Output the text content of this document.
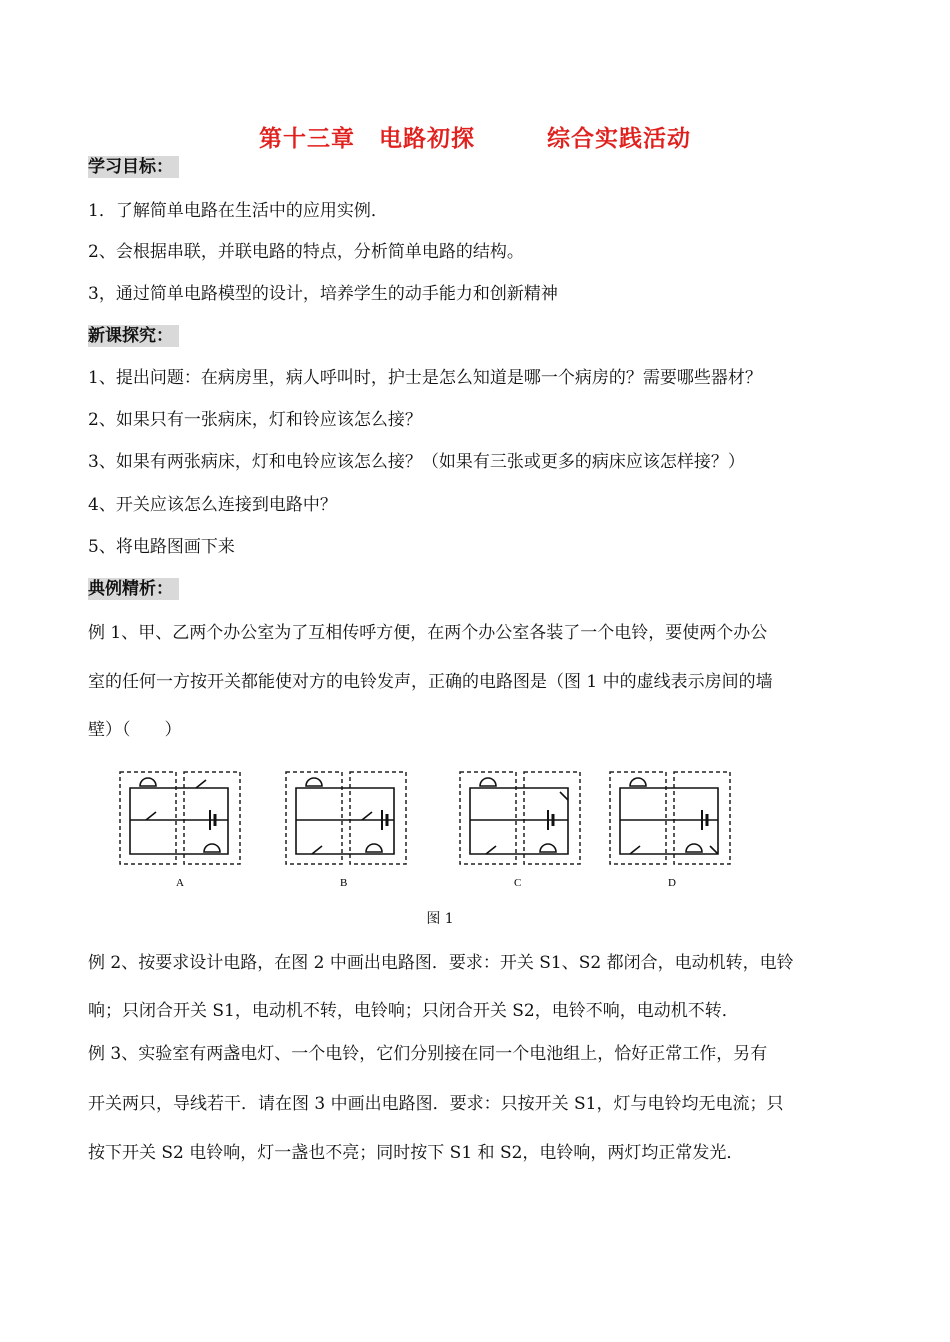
第十三章　电路初探　　　综合实践活动
学习目标：
1．了解简单电路在生活中的应用实例．
2、会根据串联，并联电路的特点，分析简单电路的结构。
3，通过简单电路模型的设计，培养学生的动手能力和创新精神
新课探究：
1、提出问题：在病房里，病人呼叫时，护士是怎么知道是哪一个病房的？需要哪些器材？
2、如果只有一张病床，灯和铃应该怎么接？
3、如果有两张病床，灯和电铃应该怎么接？（如果有三张或更多的病床应该怎样接？）
4、开关应该怎么连接到电路中？
5、将电路图画下来
典例精析：
例 1、甲、乙两个办公室为了互相传呼方便，在两个办公室各装了一个电铃，要使两个办公
室的任何一方按开关都能使对方的电铃发声，正确的电路图是（图 1 中的虚线表示房间的墙
壁）（　　）
A	B	C	D
图 1
例 2、按要求设计电路，在图 2 中画出电路图．要求：开关 S1、S2 都闭合，电动机转，电铃
响；只闭合开关 S1，电动机不转，电铃响；只闭合开关 S2，电铃不响，电动机不转．
例 3、实验室有两盏电灯、一个电铃，它们分别接在同一个电池组上，恰好正常工作，另有
开关两只，导线若干．请在图 3 中画出电路图．要求：只按开关 S1，灯与电铃均无电流；只
按下开关 S2 电铃响，灯一盏也不亮；同时按下 S1 和 S2，电铃响，两灯均正常发光．
